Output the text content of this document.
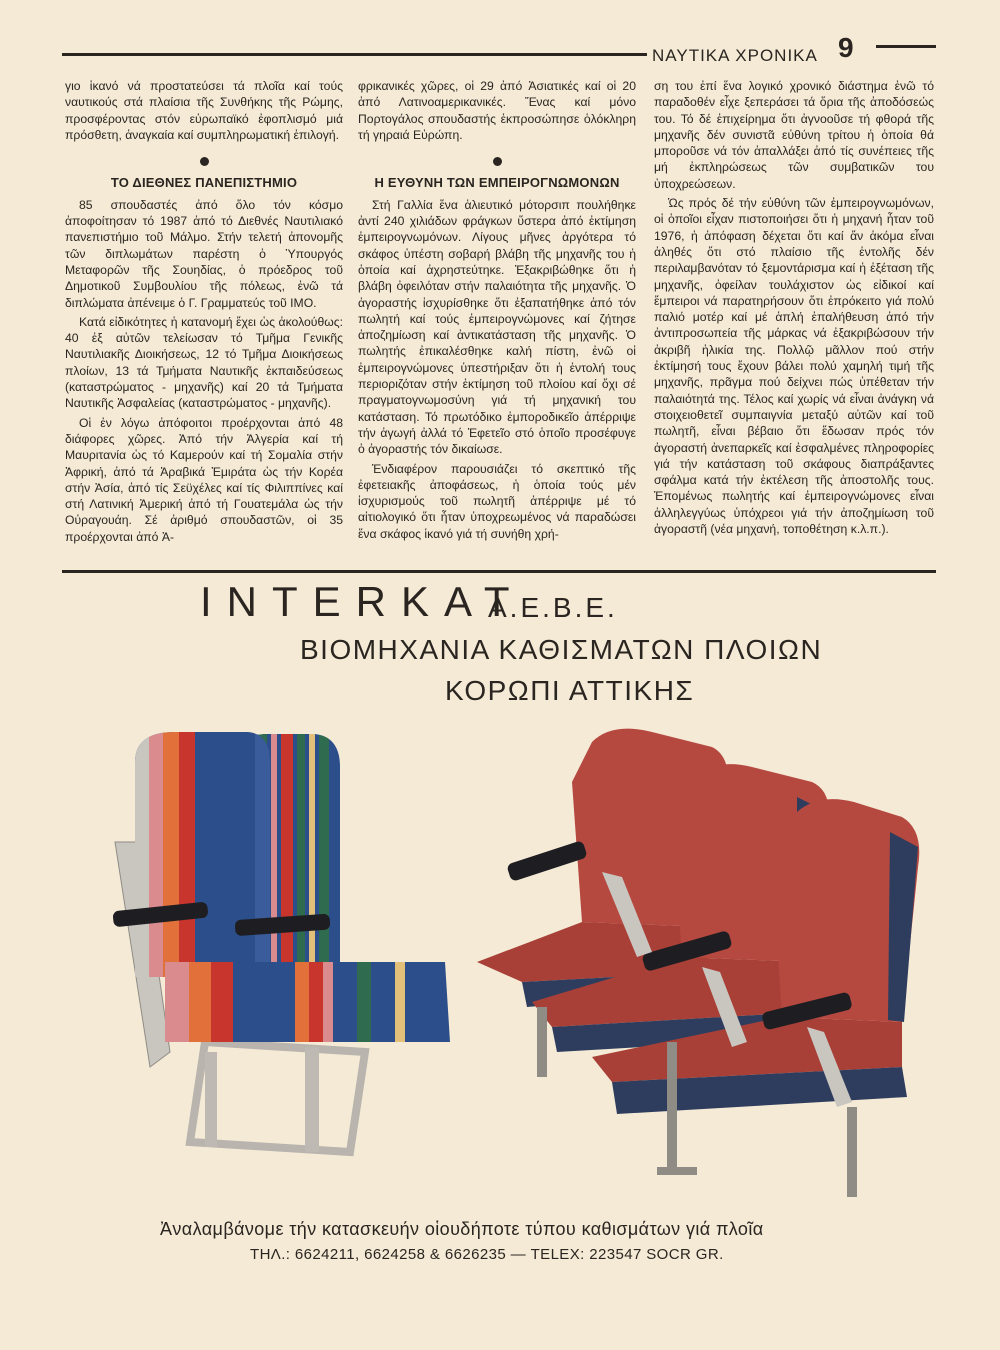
ΝΑΥΤΙΚΑ ΧΡΟΝΙΚΑ 9

γιο ἱκανό νά προστατεύσει τά πλοῖα καί τούς ναυτικούς στά πλαίσια τῆς Συνθήκης τῆς Ρώμης, προσφέροντας στόν εὐρωπαϊκό ἐφοπλισμό μιά πρόσθετη, ἀναγκαία καί συμπληρωματική ἐπιλογή.

ΤΟ ΔΙΕΘΝΕΣ ΠΑΝΕΠΙΣΤΗΜΙΟ

85 σπουδαστές ἀπό ὅλο τόν κόσμο ἀποφοίτησαν τό 1987 ἀπό τό Διεθνές Ναυτιλιακό πανεπιστήμιο τοῦ Μάλμο. Στήν τελετή ἀπονομῆς τῶν διπλωμάτων παρέστη ὁ Ὑπουργός Μεταφορῶν τῆς Σουηδίας, ὁ πρόεδρος τοῦ Δημοτικοῦ Συμβουλίου τῆς πόλεως, ἐνῶ τά διπλώματα ἀπένειμε ὁ Γ. Γραμματεύς τοῦ ΙΜΟ.

Κατά εἰδικότητες ἡ κατανομή ἔχει ὡς ἀκολούθως: 40 ἐξ αὐτῶν τελείωσαν τό Τμῆμα Γενικῆς Ναυτιλιακῆς Διοικήσεως, 12 τό Τμῆμα Διοικήσεως πλοίων, 13 τά Τμήματα Ναυτικῆς ἐκπαιδεύσεως (καταστρώματος - μηχανῆς) καί 20 τά Τμήματα Ναυτικῆς Ἀσφαλείας (καταστρώματος - μηχανῆς).

Οἱ ἐν λόγω ἀπόφοιτοι προέρχονται ἀπό 48 διάφορες χῶρες. Ἀπό τήν Ἀλγερία καί τή Μαυριτανία ὡς τό Καμερούν καί τή Σομαλία στήν Ἀφρική, ἀπό τά Ἀραβικά Ἐμιράτα ὡς τήν Κορέα στήν Ἀσία, ἀπό τίς Σεϋχέλες καί τίς Φιλιππίνες καί στή Λατινική Ἀμερική ἀπό τή Γουατεμάλα ὡς τήν Οὐραγουάη. Σέ ἀριθμό σπουδαστῶν, οἱ 35 προέρχονται ἀπό Ἀ-

φρικανικές χῶρες, οἱ 29 ἀπό Ἀσιατικές καί οἱ 20 ἀπό Λατινοαμερικανικές. Ἕνας καί μόνο Πορτογάλος σπουδαστής ἐκπροσώπησε ὁλόκληρη τή γηραιά Εὐρώπη.

Η ΕΥΘΥΝΗ ΤΩΝ ΕΜΠΕΙΡΟΓΝΩΜΟΝΩΝ

Στή Γαλλία ἕνα ἁλιευτικό μότορσιπ πουλήθηκε ἀντί 240 χιλιάδων φράγκων ὕστερα ἀπό ἐκτίμηση ἐμπειρογνωμόνων. Λίγους μῆνες ἀργότερα τό σκάφος ὑπέστη σοβαρή βλάβη τῆς μηχανῆς του ἡ ὁποία καί ἀχρηστεύτηκε. Ἐξακριβώθηκε ὅτι ἡ βλάβη ὀφειλόταν στήν παλαιότητα τῆς μηχανῆς. Ὁ ἀγοραστής ἰσχυρίσθηκε ὅτι ἐξαπατήθηκε ἀπό τόν πωλητή καί τούς ἐμπειρογνώμονες καί ζήτησε ἀποζημίωση καί ἀντικατάσταση τῆς μηχανῆς. Ὁ πωλητής ἐπικαλέσθηκε καλή πίστη, ἐνῶ οἱ ἐμπειρογνώμονες ὑπεστήριξαν ὅτι ἡ ἐντολή τους περιοριζόταν στήν ἐκτίμηση τοῦ πλοίου καί ὄχι σέ πραγματογνωμοσύνη γιά τή μηχανική του κατάσταση. Τό πρωτόδικο ἐμποροδικεῖο ἀπέρριψε τήν ἀγωγή ἀλλά τό Ἐφετεῖο στό ὁποῖο προσέφυγε ὁ ἀγοραστής τόν δικαίωσε.

Ἐνδιαφέρον παρουσιάζει τό σκεπτικό τῆς ἐφετειακῆς ἀποφάσεως, ἡ ὁποία τούς μέν ἰσχυρισμούς τοῦ πωλητῆ ἀπέρριψε μέ τό αἰτιολογικό ὅτι ἦταν ὑποχρεωμένος νά παραδώσει ἕνα σκάφος ἱκανό γιά τή συνήθη χρή-

ση του ἐπί ἕνα λογικό χρονικό διάστημα ἐνῶ τό παραδοθέν εἶχε ξεπεράσει τά ὅρια τῆς ἀποδόσεώς του. Τό δέ ἐπιχείρημα ὅτι ἀγνοοῦσε τή φθορά τῆς μηχανῆς δέν συνιστᾶ εὐθύνη τρίτου ἡ ὁποία θά μποροῦσε νά τόν ἀπαλλάξει ἀπό τίς συνέπειες τῆς μή ἐκπληρώσεως τῶν συμβατικῶν του ὑποχρεώσεων.

Ὡς πρός δέ τήν εὐθύνη τῶν ἐμπειρογνωμόνων, οἱ ὁποῖοι εἶχαν πιστοποιήσει ὅτι ἡ μηχανή ἦταν τοῦ 1976, ἡ ἀπόφαση δέχεται ὅτι καί ἄν ἀκόμα εἶναι ἀληθές ὅτι στό πλαίσιο τῆς ἐντολῆς δέν περιλαμβανόταν τό ξεμοντάρισμα καί ἡ ἐξέταση τῆς μηχανῆς, ὀφείλαν τουλάχιστον ὡς εἰδικοί καί ἔμπειροι νά παρατηρήσουν ὅτι ἐπρόκειτο γιά πολύ παλιό μοτέρ καί μέ ἁπλή ἐπαλήθευση ἀπό τήν ἀντιπροσωπεία τῆς μάρκας νά ἐξακριβώσουν τήν ἀκριβῆ ἡλικία της. Πολλῷ μᾶλλον πού στήν ἐκτίμησή τους ἔχουν βάλει πολύ χαμηλή τιμή τῆς μηχανῆς, πρᾶγμα πού δείχνει πώς ὑπέθεταν τήν παλαιότητά της. Τέλος καί χωρίς νά εἶναι ἀνάγκη νά στοιχειοθετεῖ συμπαιγνία μεταξύ αὐτῶν καί τοῦ πωλητῆ, εἶναι βέβαιο ὅτι ἔδωσαν πρός τόν ἀγοραστή ἀνεπαρκεῖς καί ἐσφαλμένες πληροφορίες γιά τήν κατάσταση τοῦ σκάφους διαπράξαντες σφάλμα κατά τήν ἐκτέλεση τῆς ἀποστολῆς τους. Ἐπομένως πωλητής καί ἐμπειρογνώμονες εἶναι ἀλληλεγγύως ὑπόχρεοι γιά τήν ἀποζημίωση τοῦ ἀγοραστῆ (νέα μηχανή, τοποθέτηση κ.λ.π.).

INTERKAT
Α.Ε.Β.Ε.
ΒΙΟΜΗΧΑΝΙΑ ΚΑΘΙΣΜΑΤΩΝ ΠΛΟΙΩΝ
ΚΟΡΩΠΙ ΑΤΤΙΚΗΣ
Ἀναλαμβάνομε τήν κατασκευήν οἱουδήποτε τύπου καθισμάτων γιά πλοῖα
ΤΗΛ.: 6624211, 6624258 & 6626235 — TELEX: 223547 SOCR GR.
